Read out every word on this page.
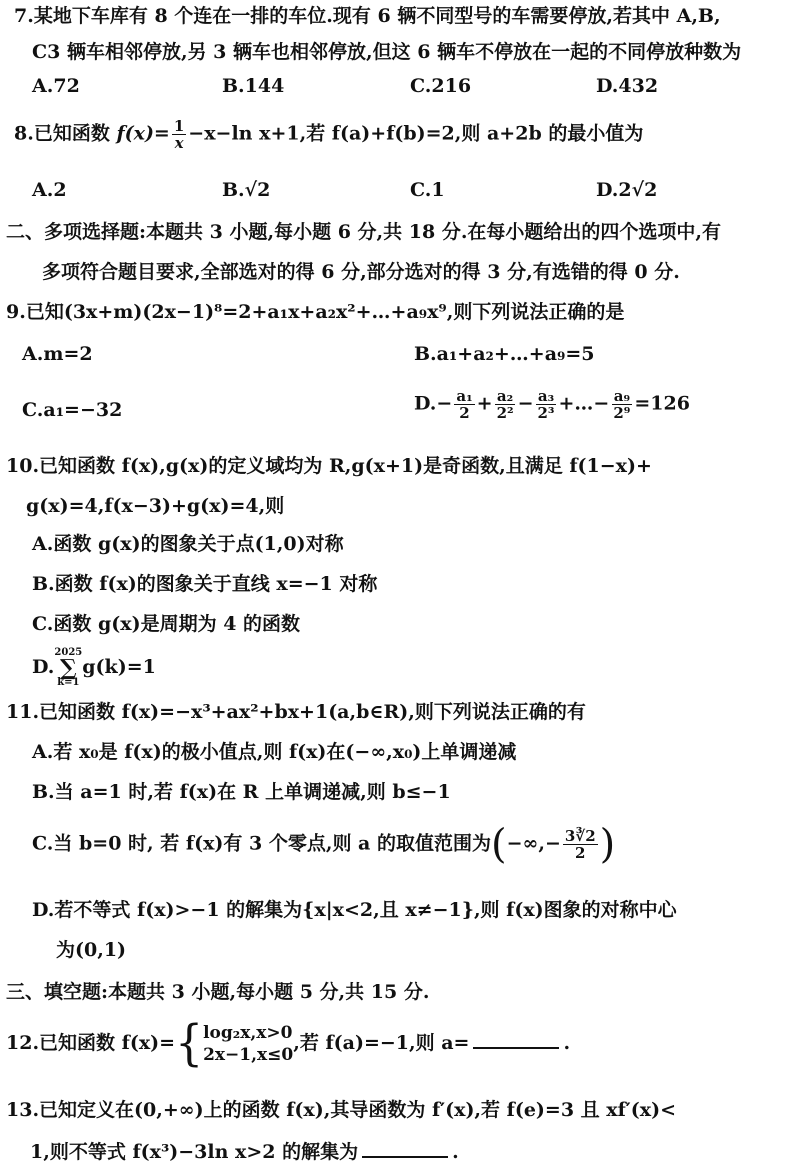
7.某地下车库有 8 个连在一排的车位.现有 6 辆不同型号的车需要停放,若其中 A,B,
C3 辆车相邻停放,另 3 辆车也相邻停放,但这 6 辆车不停放在一起的不同停放种数为
A.72	B.144	C.216	D.432
8.已知函数 $f(x)= \frac{1}{x} -x-\ln$ x+1,若 f(a)+f(b)=2,则 a+2b 的最小值为
A.2	B.√2	C.1	D.2√2
二、多项选择题:本题共 3 小题,每小题 6 分,共 18 分.在每小题给出的四个选项中,有
多项符合题目要求,全部选对的得 6 分,部分选对的得 3 分,有选错的得 0 分.
9.已知(3x+m)(2x−1)⁸=2+a₁x+a₂x²+…+a₉x⁹,则下列说法正确的是
A.m=2	B.a₁+a₂+…+a₉=5
C.a₁=−32	$D.- \frac{\text{a₁}}{2} + \frac{\text{a₂}}{\text{2²}} - \frac{\text{a₃}}{\text{2³}}$ +…− $\frac{\text{a₉}}{\text{2⁹}} =126$
10.已知函数 f(x),g(x)的定义域均为 R,g(x+1)是奇函数,且满足 f(1−x)+
g(x)=4,f(x−3)+g(x)=4,则
A.函数 g(x)的图象关于点(1,0)对称
B.函数 f(x)的图象关于直线 x=−1 对称
C.函数 g(x)是周期为 4 的函数
D.
2025
∑
k=1
g(k)=1
11.已知函数 f(x)=−x³+ax²+bx+1(a,b∈R),则下列说法正确的有
A.若 x₀是 f(x)的极小值点,则 f(x)在(−∞,x₀)上单调递减
B.当 a=1 时,若 f(x)在 R 上单调递减,则 b≤−1
C.当 b=0 时, 若 f(x)有 3 个零点,则 a 的取值范围为(−∞,− $\frac{3∛2}{2}$ )
D.若不等式 f(x)>−1 的解集为{x|x<2,且 x≠−1},则 f(x)图象的对称中心
为(0,1)
三、填空题:本题共 3 小题,每小题 5 分,共 15 分.
12.已知函数 f(x)={ log₂x,x>0
2x−1,x≤0
,若 f(a)=−1,则 a=	.
13.已知定义在(0,+∞)上的函数 f(x),其导函数为 f′(x),若 f(e)=3 且 xf′(x)<
1,则不等式 f(x³)−3ln x>2 的解集为	.
